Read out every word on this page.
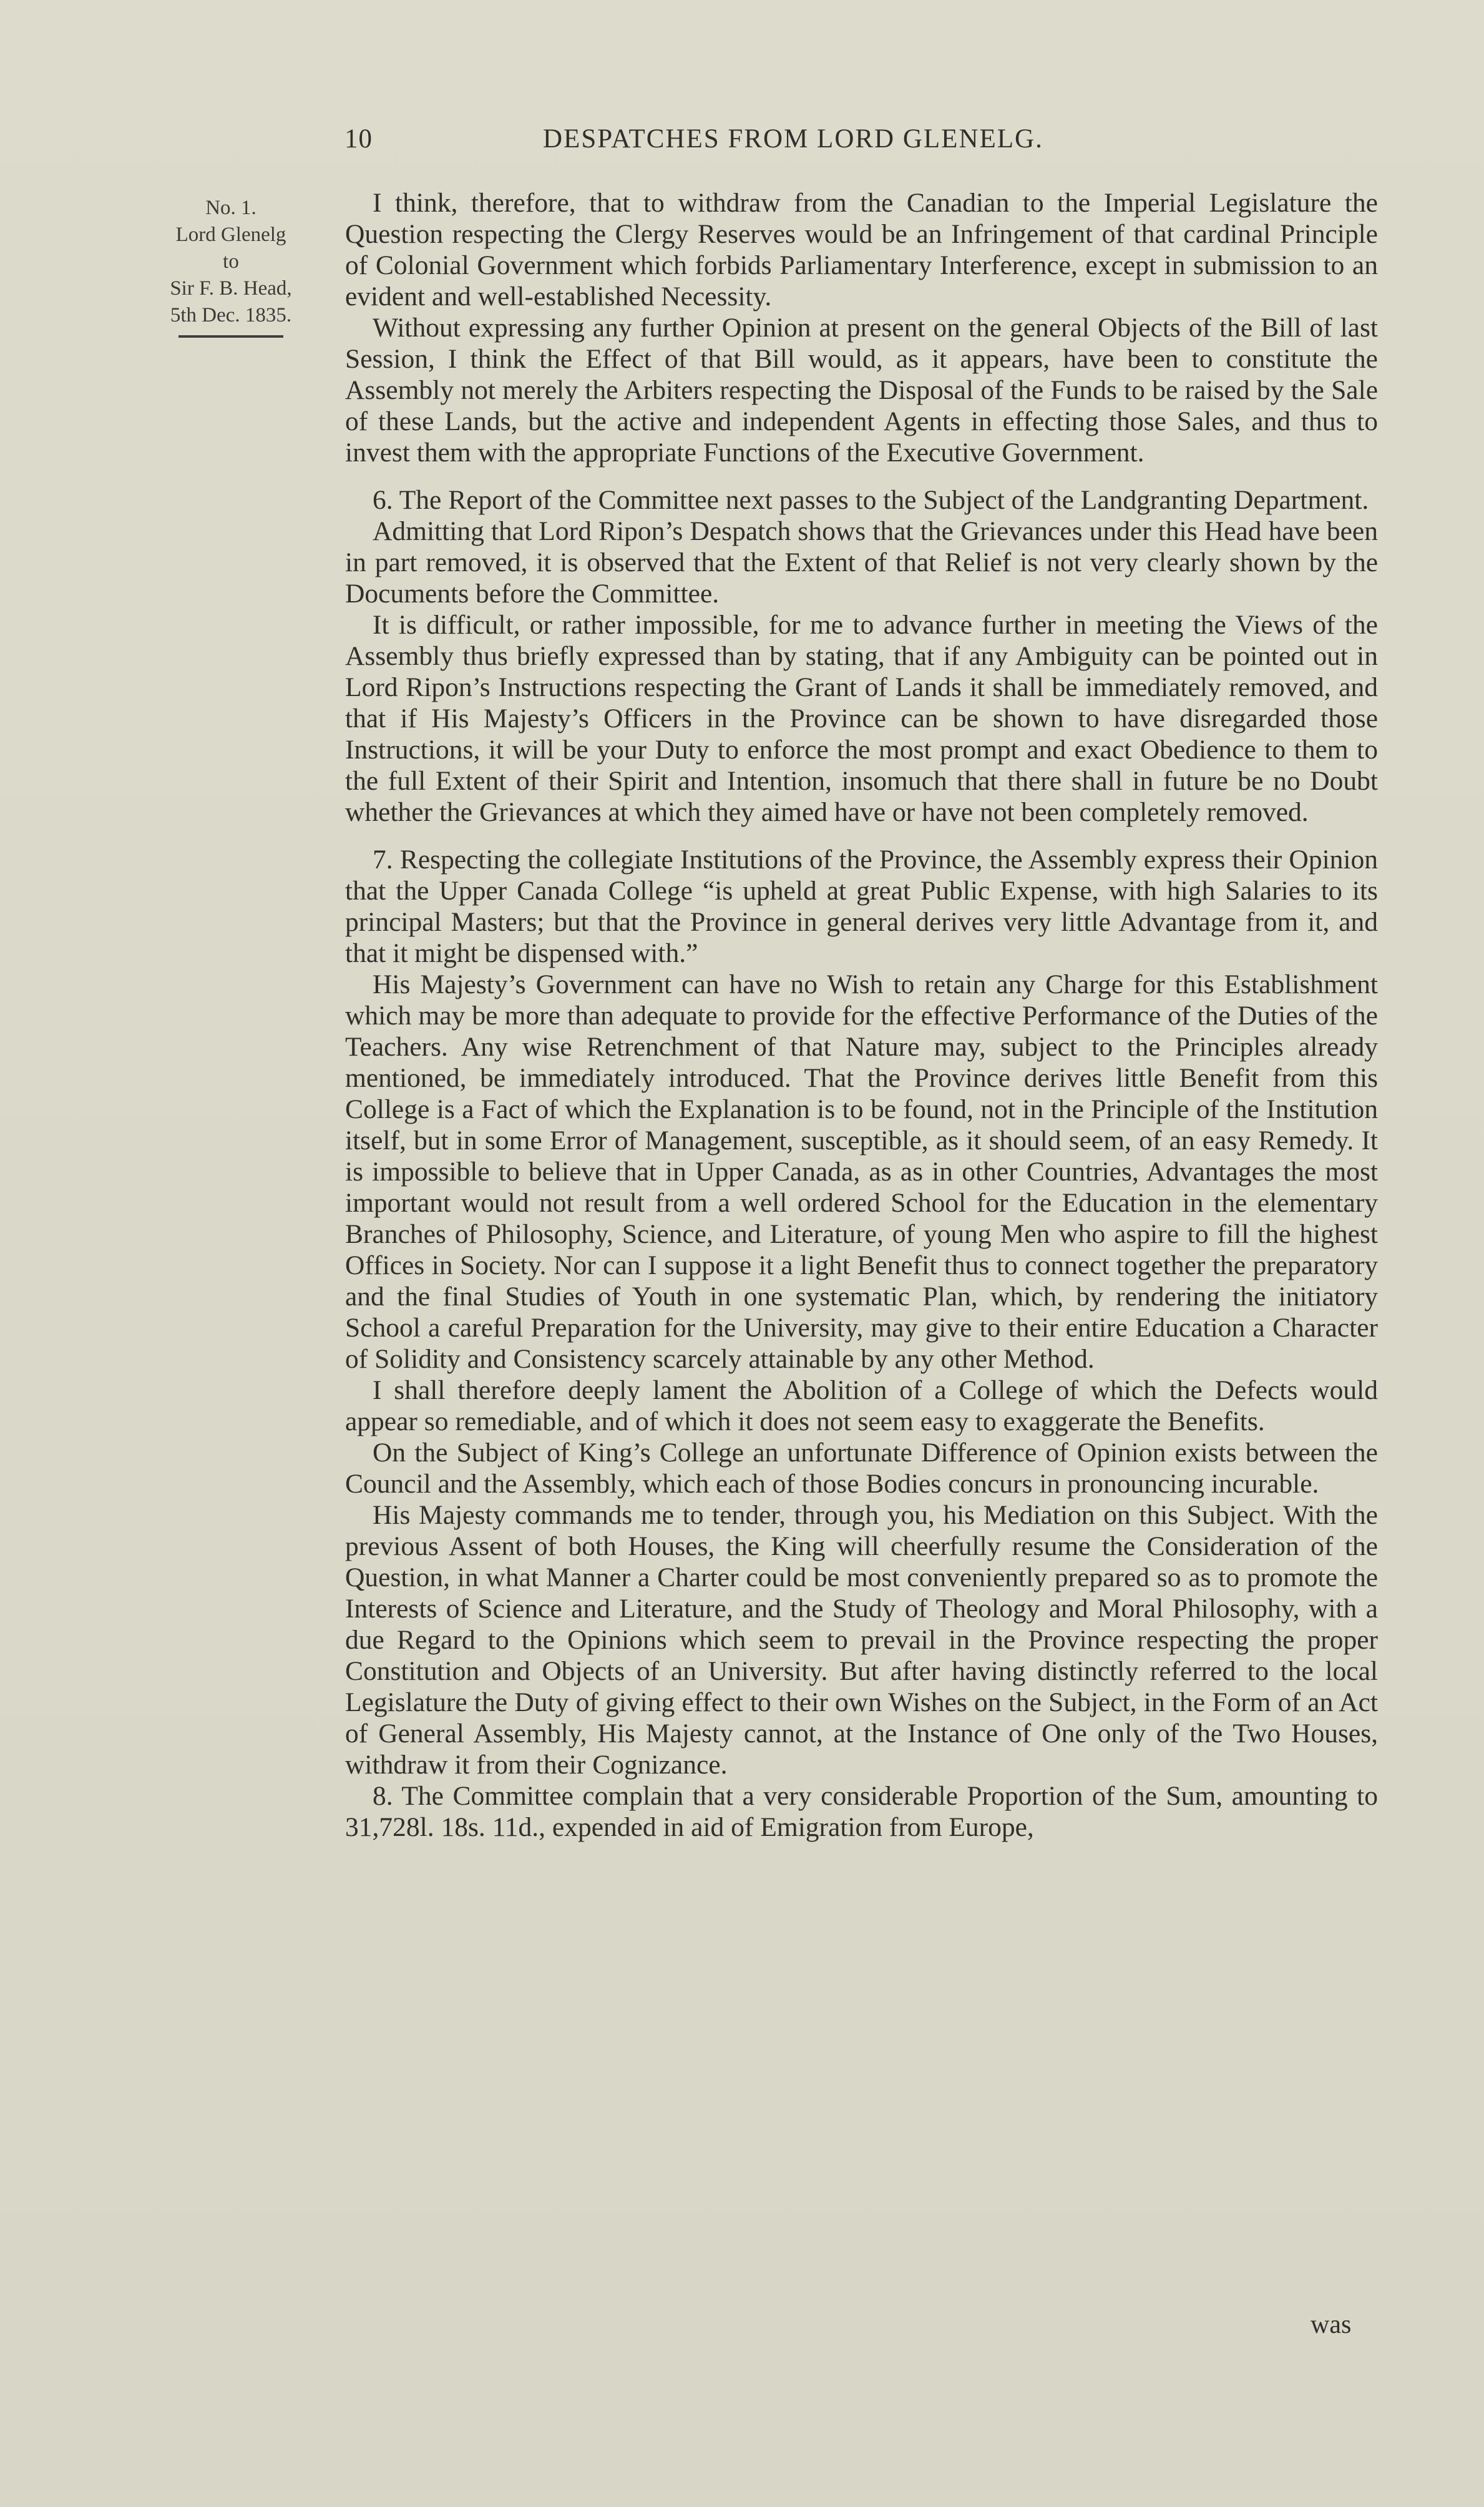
10	DESPATCHES FROM LORD GLENELG.
No. 1.
Lord Glenelg
to
Sir F. B. Head,
5th Dec. 1835.

I think, therefore, that to withdraw from the Canadian to the Imperial Legislature the Question respecting the Clergy Reserves would be an Infringement of that cardinal Principle of Colonial Government which forbids Parliamentary Interference, except in submission to an evident and well-established Necessity.

Without expressing any further Opinion at present on the general Objects of the Bill of last Session, I think the Effect of that Bill would, as it appears, have been to constitute the Assembly not merely the Arbiters respecting the Disposal of the Funds to be raised by the Sale of these Lands, but the active and independent Agents in effecting those Sales, and thus to invest them with the appropriate Functions of the Executive Government.

6. The Report of the Committee next passes to the Subject of the Landgranting Department.

Admitting that Lord Ripon’s Despatch shows that the Grievances under this Head have been in part removed, it is observed that the Extent of that Relief is not very clearly shown by the Documents before the Committee.

It is difficult, or rather impossible, for me to advance further in meeting the Views of the Assembly thus briefly expressed than by stating, that if any Ambiguity can be pointed out in Lord Ripon’s Instructions respecting the Grant of Lands it shall be immediately removed, and that if His Majesty’s Officers in the Province can be shown to have disregarded those Instructions, it will be your Duty to enforce the most prompt and exact Obedience to them to the full Extent of their Spirit and Intention, insomuch that there shall in future be no Doubt whether the Grievances at which they aimed have or have not been completely removed.

7. Respecting the collegiate Institutions of the Province, the Assembly express their Opinion that the Upper Canada College “is upheld at great Public Expense, with high Salaries to its principal Masters; but that the Province in general derives very little Advantage from it, and that it might be dispensed with.”

His Majesty’s Government can have no Wish to retain any Charge for this Establishment which may be more than adequate to provide for the effective Performance of the Duties of the Teachers. Any wise Retrenchment of that Nature may, subject to the Principles already mentioned, be immediately introduced. That the Province derives little Benefit from this College is a Fact of which the Explanation is to be found, not in the Principle of the Institution itself, but in some Error of Management, susceptible, as it should seem, of an easy Remedy. It is impossible to believe that in Upper Canada, as as in other Countries, Advantages the most important would not result from a well ordered School for the Education in the elementary Branches of Philosophy, Science, and Literature, of young Men who aspire to fill the highest Offices in Society. Nor can I suppose it a light Benefit thus to connect together the preparatory and the final Studies of Youth in one systematic Plan, which, by rendering the initiatory School a careful Preparation for the University, may give to their entire Education a Character of Solidity and Consistency scarcely attainable by any other Method.

I shall therefore deeply lament the Abolition of a College of which the Defects would appear so remediable, and of which it does not seem easy to exaggerate the Benefits.

On the Subject of King’s College an unfortunate Difference of Opinion exists between the Council and the Assembly, which each of those Bodies concurs in pronouncing incurable.

His Majesty commands me to tender, through you, his Mediation on this Subject. With the previous Assent of both Houses, the King will cheerfully resume the Consideration of the Question, in what Manner a Charter could be most conveniently prepared so as to promote the Interests of Science and Literature, and the Study of Theology and Moral Philosophy, with a due Regard to the Opinions which seem to prevail in the Province respecting the proper Constitution and Objects of an University. But after having distinctly referred to the local Legislature the Duty of giving effect to their own Wishes on the Subject, in the Form of an Act of General Assembly, His Majesty cannot, at the Instance of One only of the Two Houses, withdraw it from their Cognizance.

8. The Committee complain that a very considerable Proportion of the Sum, amounting to 31,728l. 18s. 11d., expended in aid of Emigration from Europe,

was
